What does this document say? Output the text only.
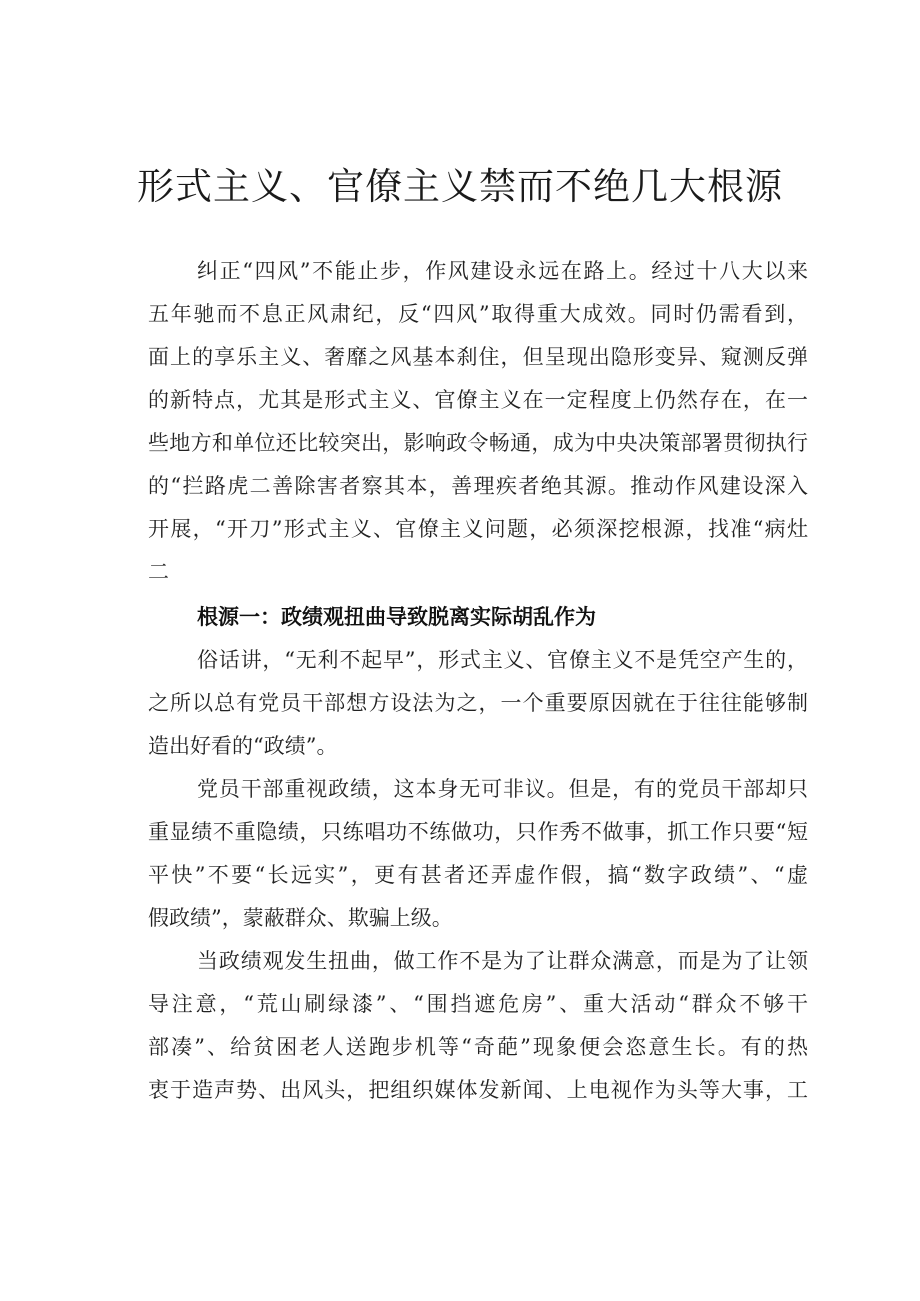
形式主义、官僚主义禁而不绝几大根源
纠正“四风”不能止步，作风建设永远在路上。经过十八大以来
五年驰而不息正风肃纪，反“四风”取得重大成效。同时仍需看到，
面上的享乐主义、奢靡之风基本刹住，但呈现出隐形变异、窥测反弹
的新特点，尤其是形式主义、官僚主义在一定程度上仍然存在，在一
些地方和单位还比较突出，影响政令畅通，成为中央决策部署贯彻执行
的“拦路虎二善除害者察其本，善理疾者绝其源。推动作风建设深入
开展，“开刀”形式主义、官僚主义问题，必须深挖根源，找准“病灶
二
根源一：政绩观扭曲导致脱离实际胡乱作为
俗话讲，“无利不起早”，形式主义、官僚主义不是凭空产生的，
之所以总有党员干部想方设法为之，一个重要原因就在于往往能够制
造出好看的“政绩”。
党员干部重视政绩，这本身无可非议。但是，有的党员干部却只
重显绩不重隐绩，只练唱功不练做功，只作秀不做事，抓工作只要“短
平快”不要“长远实”，更有甚者还弄虚作假，搞“数字政绩”、“虚
假政绩”，蒙蔽群众、欺骗上级。
当政绩观发生扭曲，做工作不是为了让群众满意，而是为了让领
导注意，“荒山刷绿漆”、“围挡遮危房”、重大活动“群众不够干
部凑”、给贫困老人送跑步机等“奇葩”现象便会恣意生长。有的热
衷于造声势、出风头，把组织媒体发新闻、上电视作为头等大事，工
